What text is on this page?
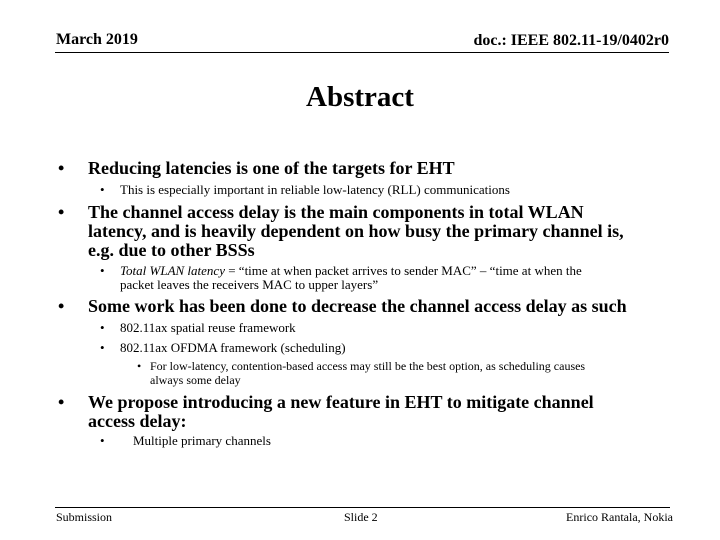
March 2019	doc.: IEEE 802.11-19/0402r0
Abstract
• Reducing latencies is one of the targets for EHT
• This is especially important in reliable low-latency (RLL) communications
• The channel access delay is the main components in total WLAN
latency, and is heavily dependent on how busy the primary channel is,
e.g. due to other BSSs
• Total WLAN latency = “time at when packet arrives to sender MAC” – “time at when the
packet leaves the receivers MAC to upper layers”
• Some work has been done to decrease the channel access delay as such
• 802.11ax spatial reuse framework
• 802.11ax OFDMA framework (scheduling)
• For low-latency, contention-based access may still be the best option, as scheduling causes
always some delay
• We propose introducing a new feature in EHT to mitigate channel
access delay:
• Multiple primary channels
Submission	Slide 2	Enrico Rantala, Nokia
